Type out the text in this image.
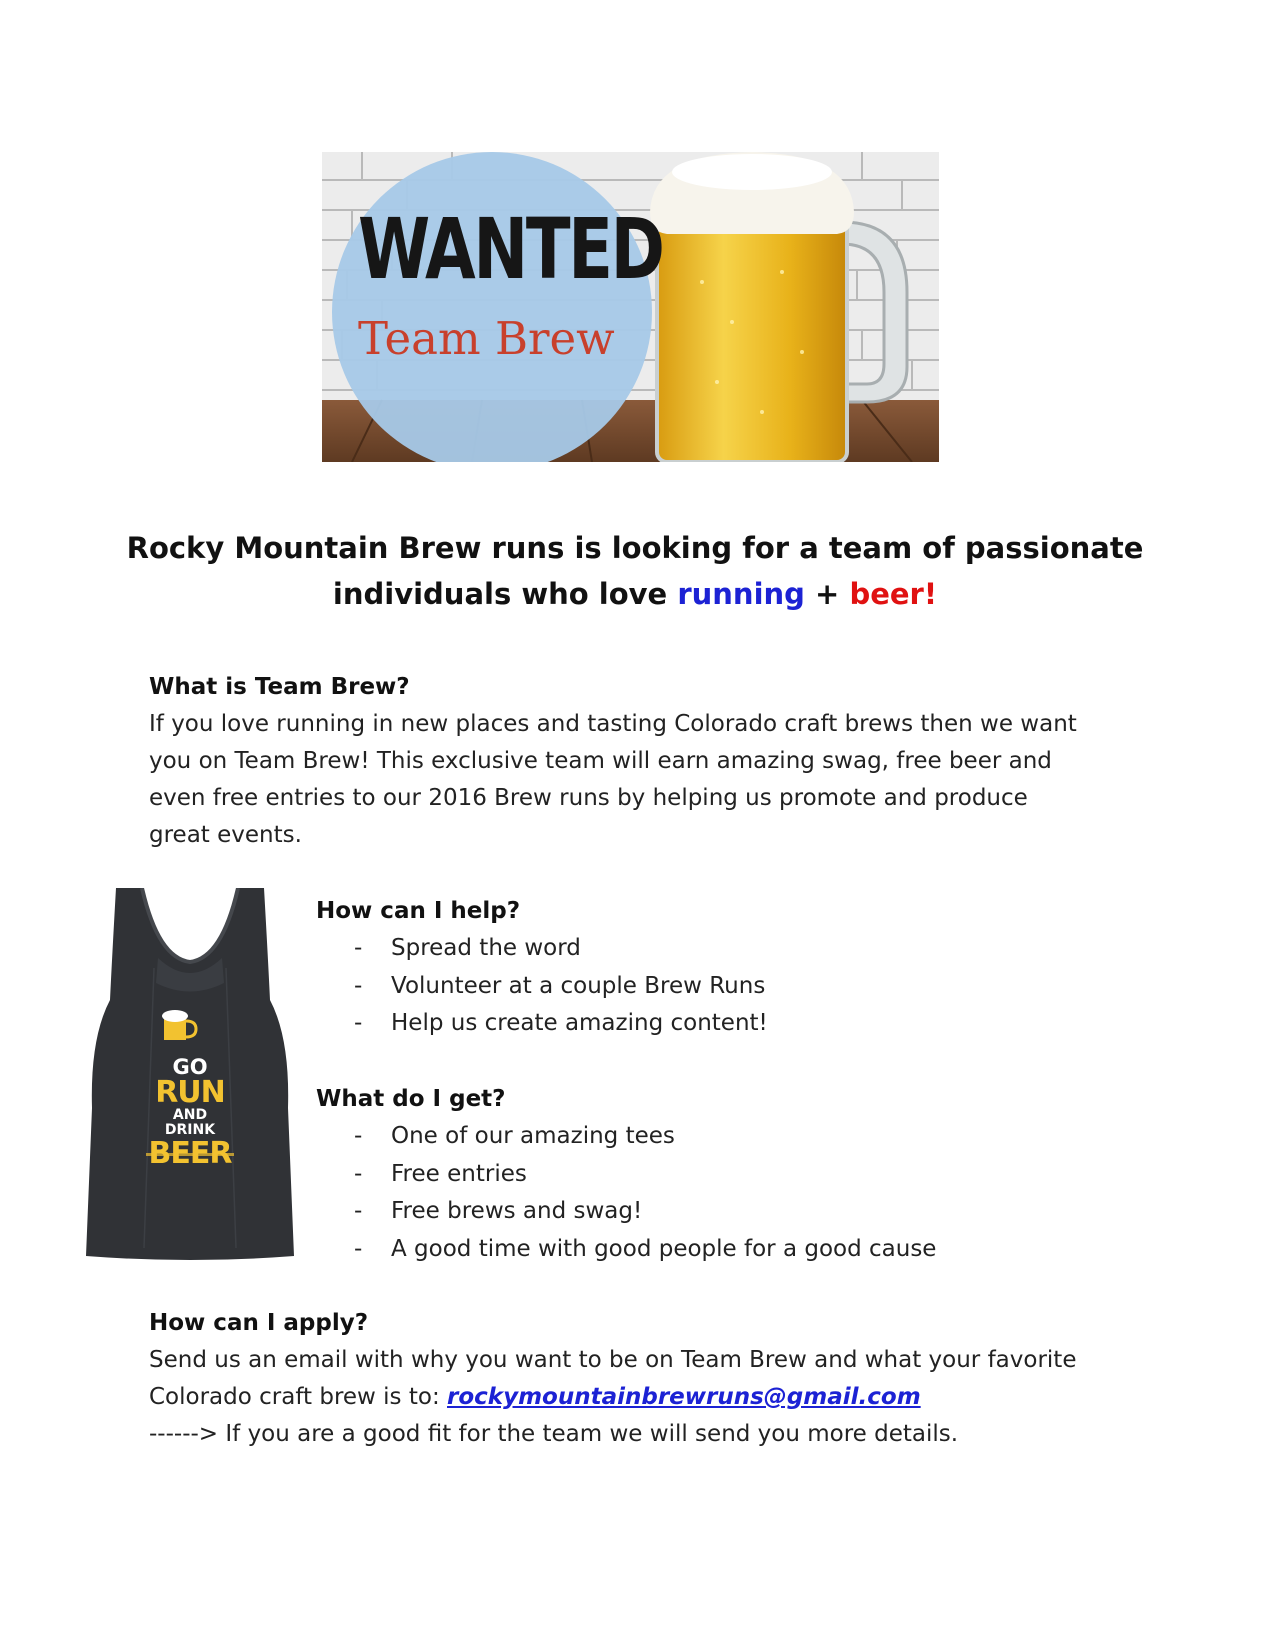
WANTED
Team Brew
Rocky Mountain Brew runs is looking for a team of passionate
individuals who love running + beer!
What is Team Brew?
If you love running in new places and tasting Colorado craft brews then we want
you on Team Brew! This exclusive team will earn amazing swag, free beer and
even free entries to our 2016 Brew runs by helping us promote and produce
great events.
GO
RUN
AND
DRINK
BEER
How can I help?
- Spread the word
- Volunteer at a couple Brew Runs
- Help us create amazing content!
What do I get?
- One of our amazing tees
- Free entries
- Free brews and swag!
- A good time with good people for a good cause
How can I apply?
Send us an email with why you want to be on Team Brew and what your favorite
Colorado craft brew is to: rockymountainbrewruns@gmail.com
------> If you are a good fit for the team we will send you more details.
